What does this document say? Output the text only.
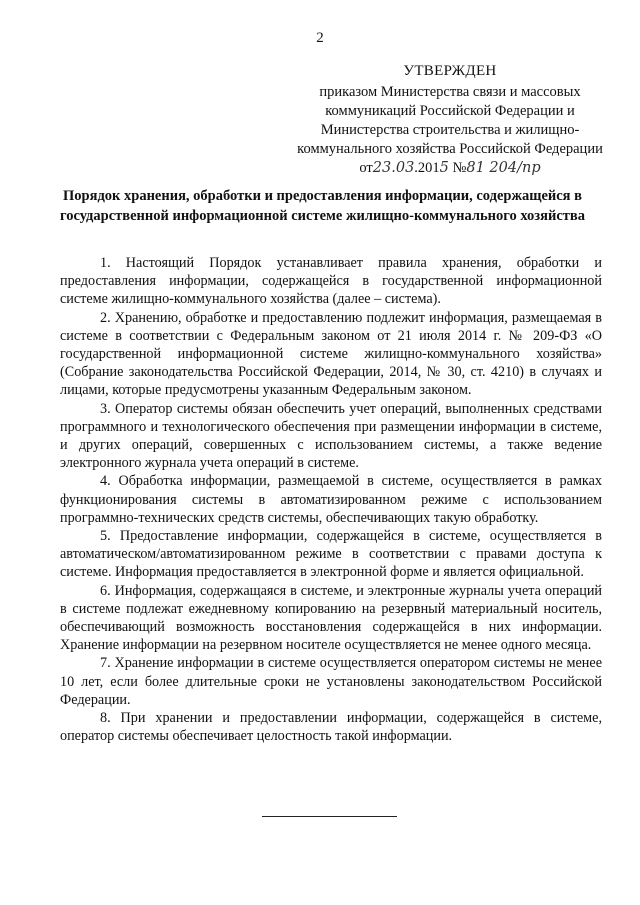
2
УТВЕРЖДЕН
приказом Министерства связи и массовых
коммуникаций Российской Федерации и
Министерства строительства и жилищно-
коммунального хозяйства Российской Федерации
от23.03.2015 №81 204/пр
Порядок хранения, обработки и предоставления информации, содержащейся в государственной информационной системе жилищно-коммунального хозяйства

1. Настоящий Порядок устанавливает правила хранения, обработки и предоставления информации, содержащейся в государственной информационной системе жилищно-коммунального хозяйства (далее – система).

2. Хранению, обработке и предоставлению подлежит информация, размещаемая в системе в соответствии с Федеральным законом от 21 июля 2014 г. № 209-ФЗ «О государственной информационной системе жилищно-коммунального хозяйства» (Собрание законодательства Российской Федерации, 2014, № 30, ст. 4210) в случаях и лицами, которые предусмотрены указанным Федеральным законом.

3. Оператор системы обязан обеспечить учет операций, выполненных средствами программного и технологического обеспечения при размещении информации в системе, и других операций, совершенных с использованием системы, а также ведение электронного журнала учета операций в системе.

4. Обработка информации, размещаемой в системе, осуществляется в рамках функционирования системы в автоматизированном режиме с использованием программно-технических средств системы, обеспечивающих такую обработку.

5. Предоставление информации, содержащейся в системе, осуществляется в автоматическом/автоматизированном режиме в соответствии с правами доступа к системе. Информация предоставляется в электронной форме и является официальной.

6. Информация, содержащаяся в системе, и электронные журналы учета операций в системе подлежат ежедневному копированию на резервный материальный носитель, обеспечивающий возможность восстановления содержащейся в них информации. Хранение информации на резервном носителе осуществляется не менее одного месяца.

7. Хранение информации в системе осуществляется оператором системы не менее 10 лет, если более длительные сроки не установлены законодательством Российской Федерации.

8. При хранении и предоставлении информации, содержащейся в системе, оператор системы обеспечивает целостность такой информации.
